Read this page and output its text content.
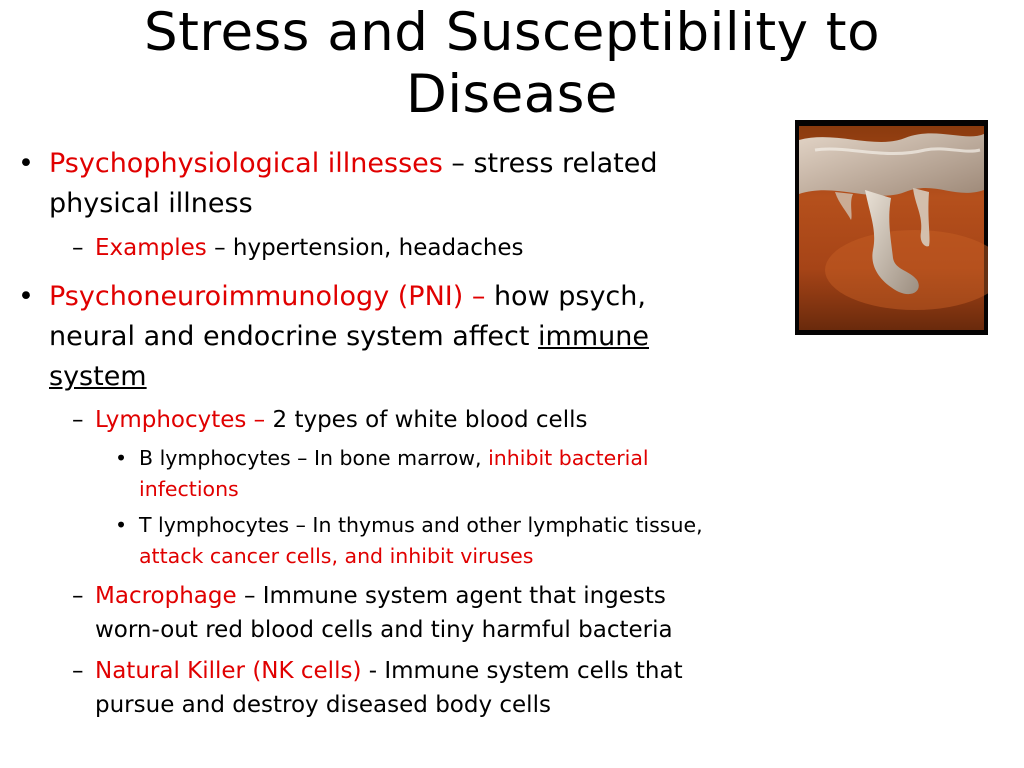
Stress and Susceptibility to
Disease
• Psychophysiological illnesses – stress related
physical illness
– Examples – hypertension, headaches
• Psychoneuroimmunology (PNI) – how psych,
neural and endocrine system affect immune
system
– Lymphocytes – 2 types of white blood cells
• B lymphocytes – In bone marrow, inhibit bacterial
infections
• T lymphocytes – In thymus and other lymphatic tissue,
attack cancer cells, and inhibit viruses
– Macrophage – Immune system agent that ingests
worn-out red blood cells and tiny harmful bacteria
– Natural Killer (NK cells) - Immune system cells that
pursue and destroy diseased body cells
